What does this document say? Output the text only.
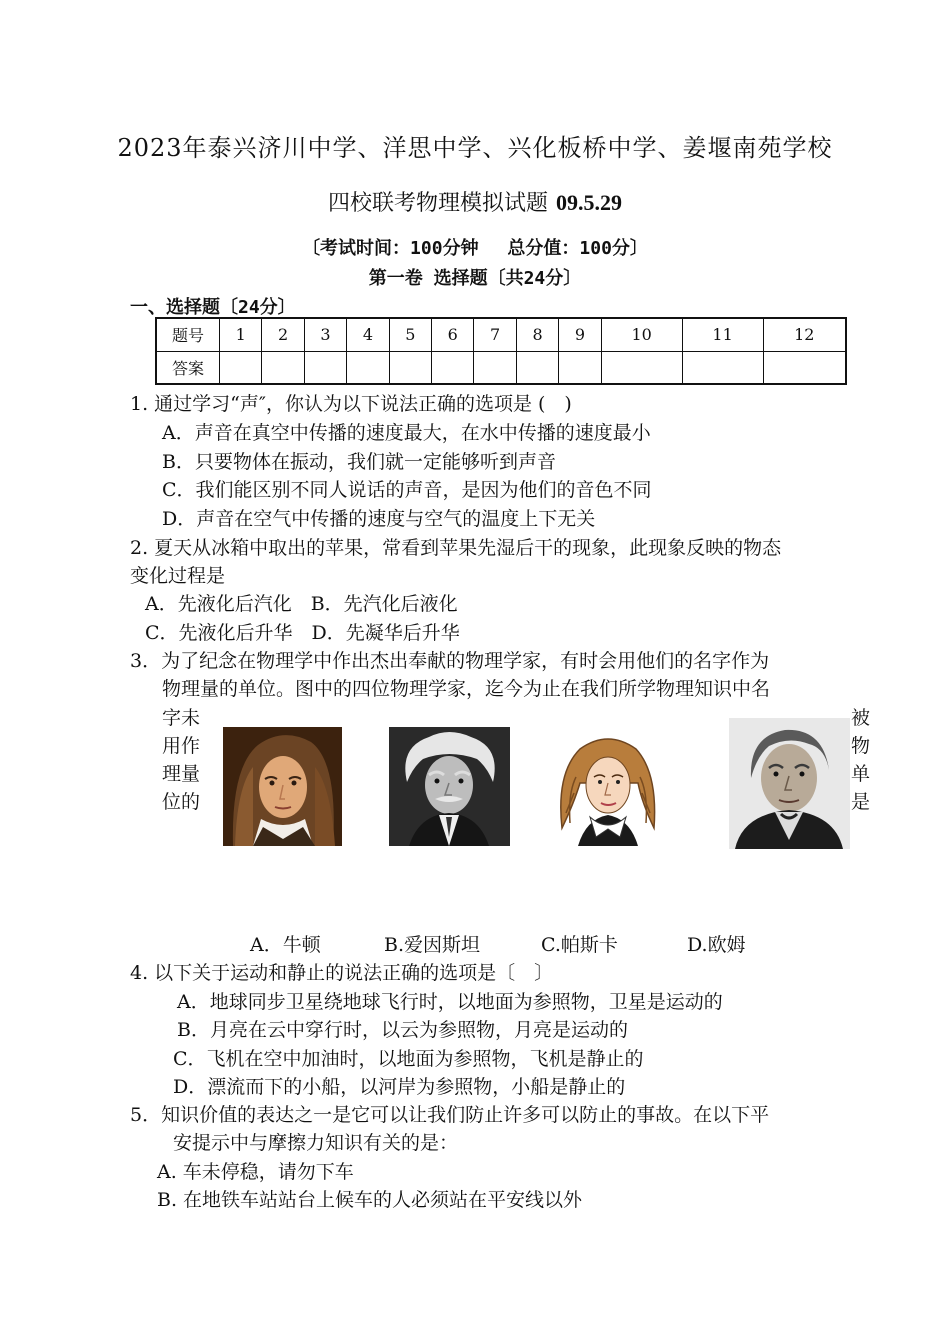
2023年泰兴济川中学、洋思中学、兴化板桥中学、姜堰南苑学校
四校联考物理模拟试题 09.5.29
〔考试时间：100分钟　 总分值：100分〕
第一卷 选择题〔共24分〕
一、选择题〔24分〕
题号	1	2	3	4	5	6	7	8	9	10	11	12
答案												
1. 通过学习“声″，你认为以下说法正确的选项是 (　)
A．声音在真空中传播的速度最大，在水中传播的速度最小
B．只要物体在振动，我们就一定能够听到声音
C．我们能区别不同人说话的声音，是因为他们的音色不同
D．声音在空气中传播的速度与空气的温度上下无关
2. 夏天从冰箱中取出的苹果，常看到苹果先湿后干的现象，此现象反映的物态
变化过程是
A．先液化后汽化　B．先汽化后液化
C．先液化后升华　D．先凝华后升华
3．为了纪念在物理学中作出杰出奉献的物理学家，有时会用他们的名字作为
物理量的单位。图中的四位物理学家，迄今为止在我们所学物理知识中名
字未
用作
理量
位的
被
物
单
是
A．牛顿	B.爱因斯坦	C.帕斯卡	D.欧姆
4. 以下关于运动和静止的说法正确的选项是〔　〕
A．地球同步卫星绕地球飞行时，以地面为参照物，卫星是运动的
B．月亮在云中穿行时，以云为参照物，月亮是运动的
C．飞机在空中加油时，以地面为参照物，飞机是静止的
D．漂流而下的小船，以河岸为参照物，小船是静止的
5．知识价值的表达之一是它可以让我们防止许多可以防止的事故。在以下平
安提示中与摩擦力知识有关的是：
A. 车未停稳，请勿下车
B. 在地铁车站站台上候车的人必须站在平安线以外
